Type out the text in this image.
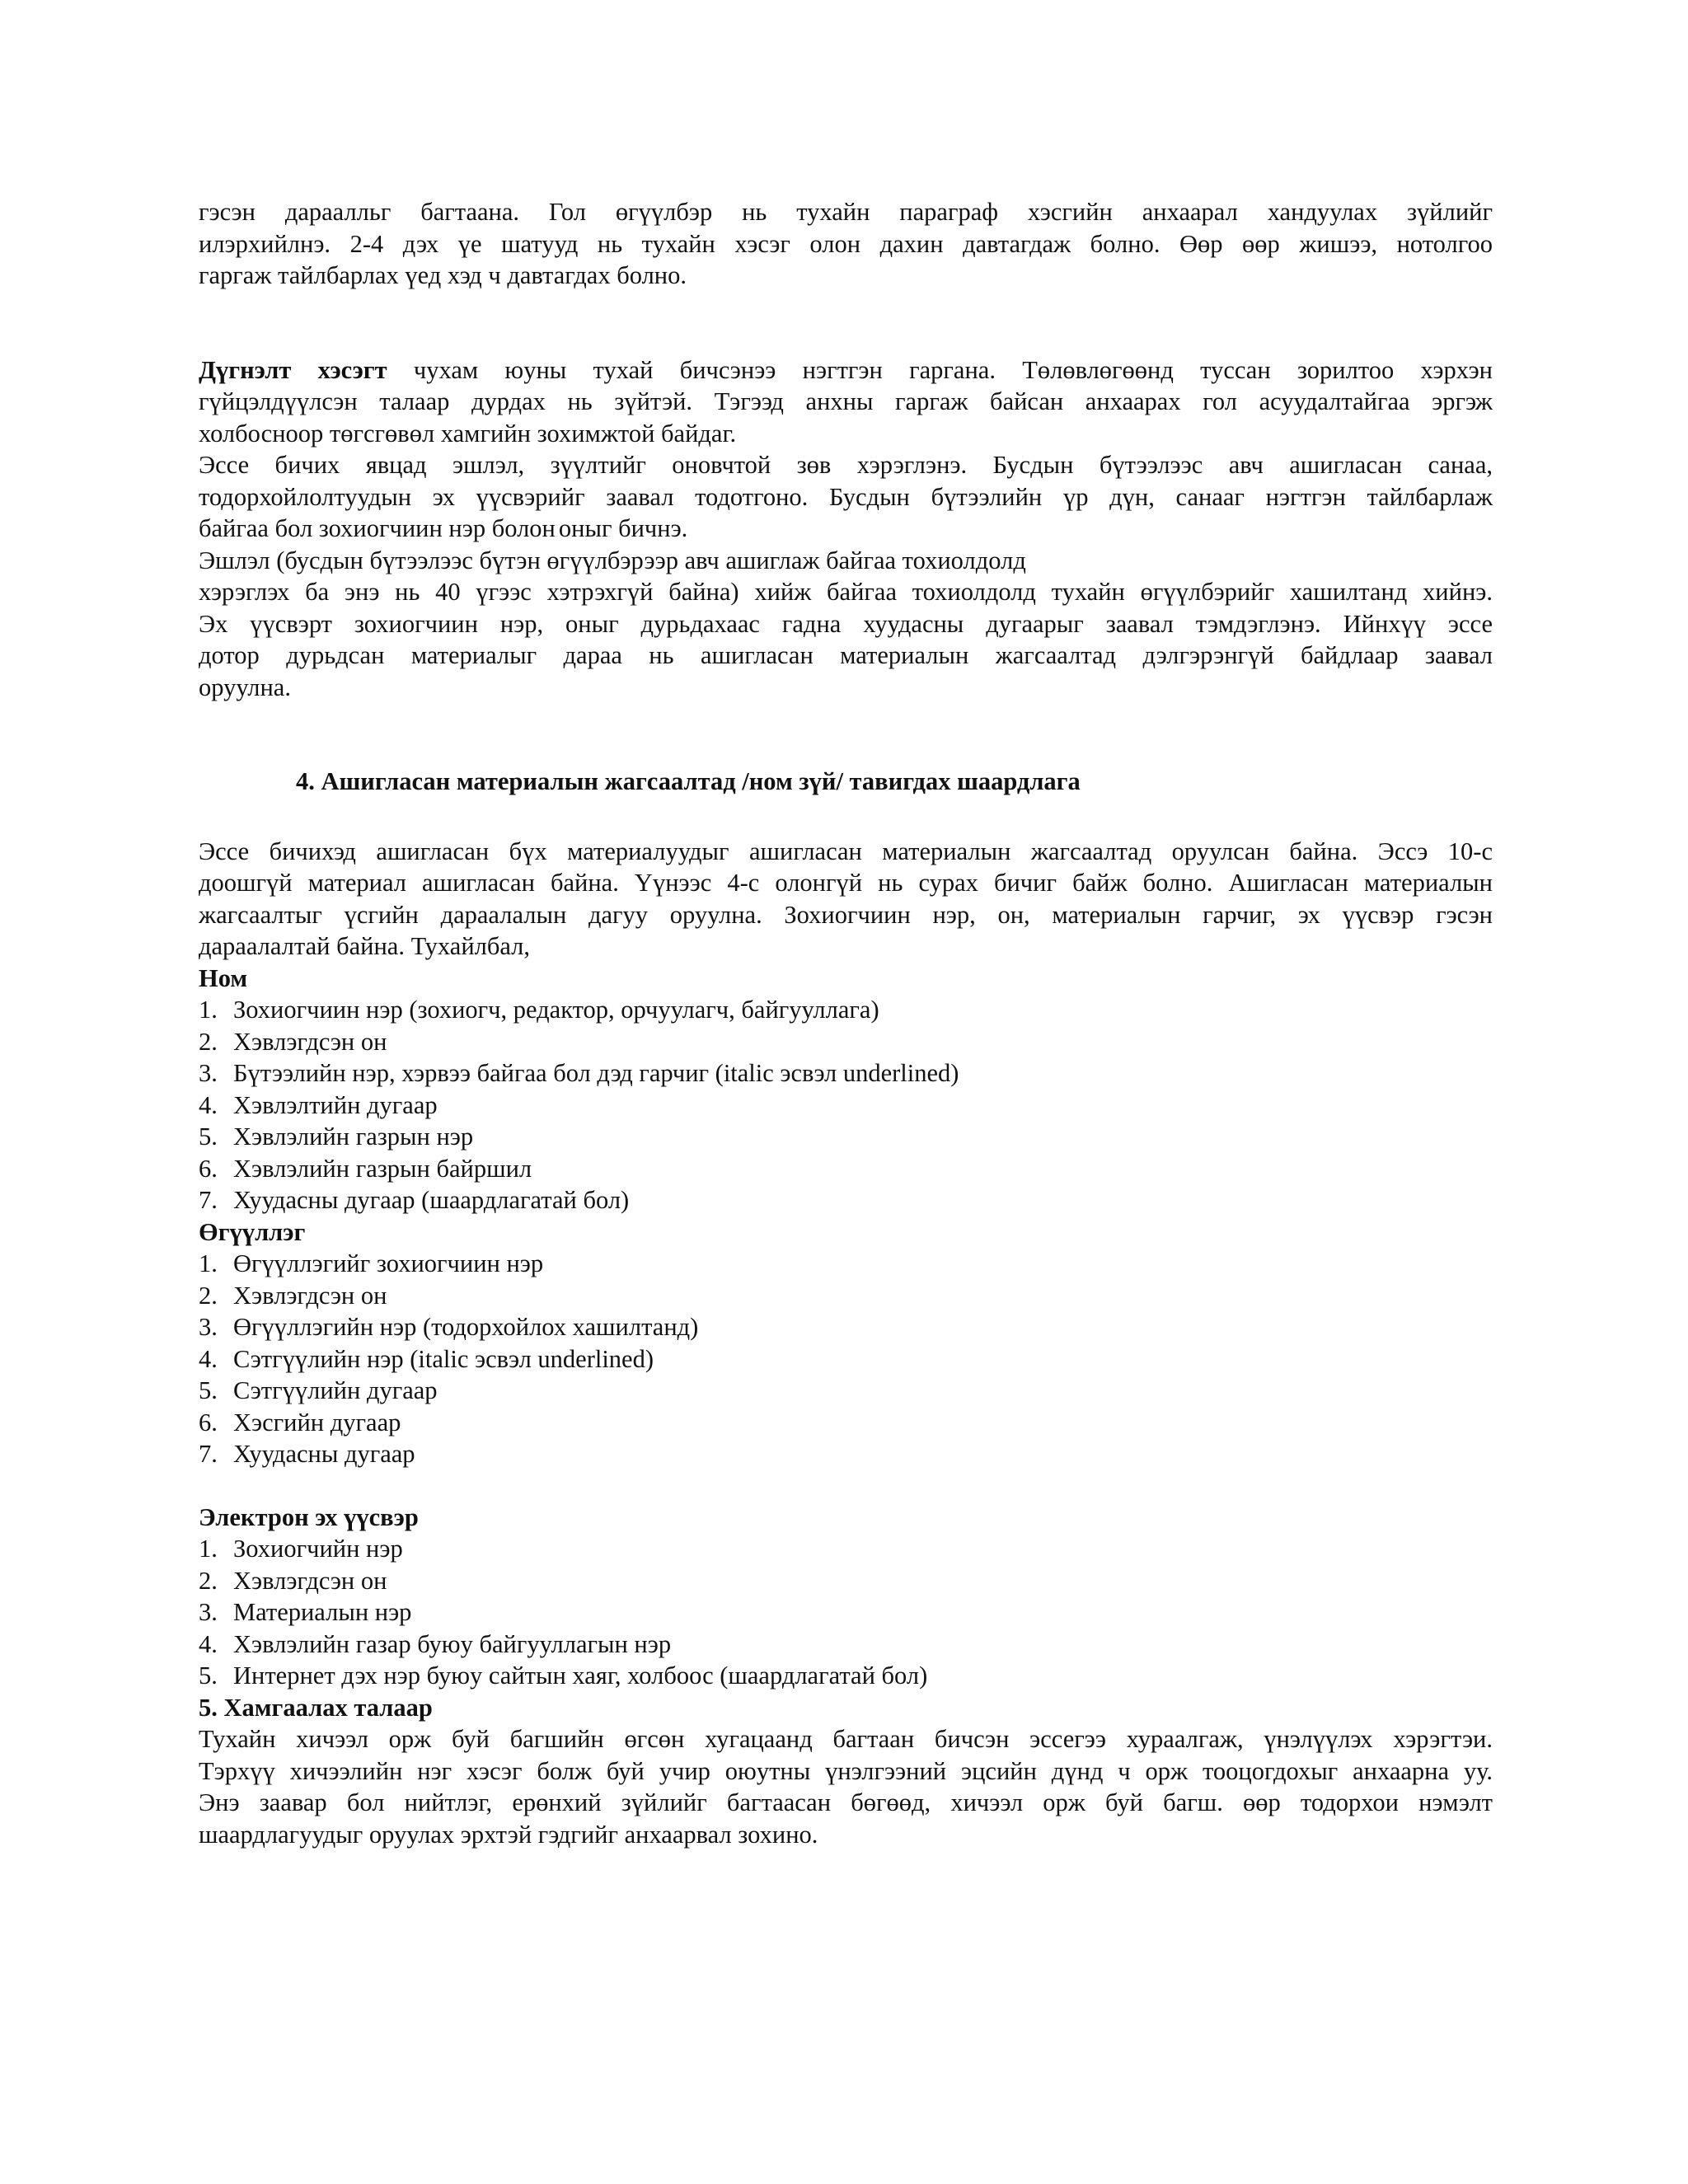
гэсэн дараалльг багтаана. Гол өгүүлбэр нь тухайн параграф хэсгийн анхаарал хандуулах зүйлийг
илэрхийлнэ. 2-4 дэх үе шатууд нь тухайн хэсэг олон дахин давтагдаж болно. Өөр өөр жишээ, нотолгоо
гаргаж тайлбарлах үед хэд ч давтагдах болно.
Дүгнэлт хэсэгт чухам юуны тухай бичсэнээ нэгтгэн гаргана. Төлөвлөгөөнд туссан зорилтоо хэрхэн
гүйцэлдүүлсэн талаар дурдах нь зүйтэй. Тэгээд анхны гаргаж байсан анхаарах гол асуудалтайгаа эргэж
холбосноор төгсгөвөл хамгийн зохимжтой байдаг.
Эссе бичих явцад эшлэл, зүүлтийг оновчтой зөв хэрэглэнэ. Бусдын бүтээлээс авч ашигласан санаа,
тодорхойлолтуудын эх үүсвэрийг заавал тодотгоно. Бусдын бүтээлийн үр дүн, санааг нэгтгэн тайлбарлаж
байгаа бол зохиогчиин нэр болон оныг бичнэ. Эшлэл (бусдын бүтээлээс бүтэн өгүүлбэрээр авч ашиглаж байгаа тохиолдолд
хэрэглэх ба энэ нь 40 үгээс хэтрэхгүй байна) хийж байгаа тохиолдолд тухайн өгүүлбэрийг хашилтанд хийнэ.
Эх үүсвэрт зохиогчиин нэр, оныг дурьдахаас гадна хуудасны дугаарыг заавал тэмдэглэнэ. Ийнхүү эссе
дотор дурьдсан материалыг дараа нь ашигласан материалын жагсаалтад дэлгэрэнгүй байдлаар заавал
оруулна.

4. Ашигласан материалын жагсаалтад /ном зүй/ тавигдах шаардлага

Эссе бичихэд ашигласан бүх материалуудыг ашигласан материалын жагсаалтад оруулсан байна. Эссэ 10-с
доошгүй материал ашигласан байна. Үүнээс 4-с олонгүй нь сурах бичиг байж болно. Ашигласан материалын
жагсаалтыг үсгийн дараалалын дагуу оруулна. Зохиогчиин нэр, он, материалын гарчиг, эх үүсвэр гэсэн
дараалалтай байна. Тухайлбал,

Ном

1. Зохиогчиин нэр (зохиогч, редактор, орчуулагч, байгууллага)
2. Хэвлэгдсэн он
3. Бүтээлийн нэр, хэрвээ байгаа бол дэд гарчиг (italic эсвэл underlined)
4. Хэвлэлтийн дугаар
5. Хэвлэлийн газрын нэр
6. Хэвлэлийн газрын байршил
7. Хуудасны дугаар (шаардлагатай бол)

Өгүүллэг

1. Өгүүллэгийг зохиогчиин нэр
2. Хэвлэгдсэн он
3. Өгүүллэгийн нэр (тодорхойлох хашилтанд)
4. Сэтгүүлийн нэр (italic эсвэл underlined)
5. Сэтгүүлийн дугаар
6. Хэсгийн дугаар
7. Хуудасны дугаар

Электрон эх үүсвэр

1. Зохиогчийн нэр
2. Хэвлэгдсэн он
3. Материалын нэр
4. Хэвлэлийн газар буюу байгууллагын нэр
5. Интернет дэх нэр буюу сайтын хаяг, холбоос (шаардлагатай бол)

5. Хамгаалах талаар

Тухайн хичээл орж буй багшийн өгсөн хугацаанд багтаан бичсэн эссегээ хураалгаж, үнэлүүлэх хэрэгтэи.
Тэрхүү хичээлийн нэг хэсэг болж буй учир оюутны үнэлгээний эцсийн дүнд ч орж тооцогдохыг анхаарна уу.
Энэ заавар бол нийтлэг, ерөнхий зүйлийг багтаасан бөгөөд, хичээл орж буй багш. өөр тодорхои нэмэлт
шаардлагуудыг оруулах эрхтэй гэдгийг анхаарвал зохино.
